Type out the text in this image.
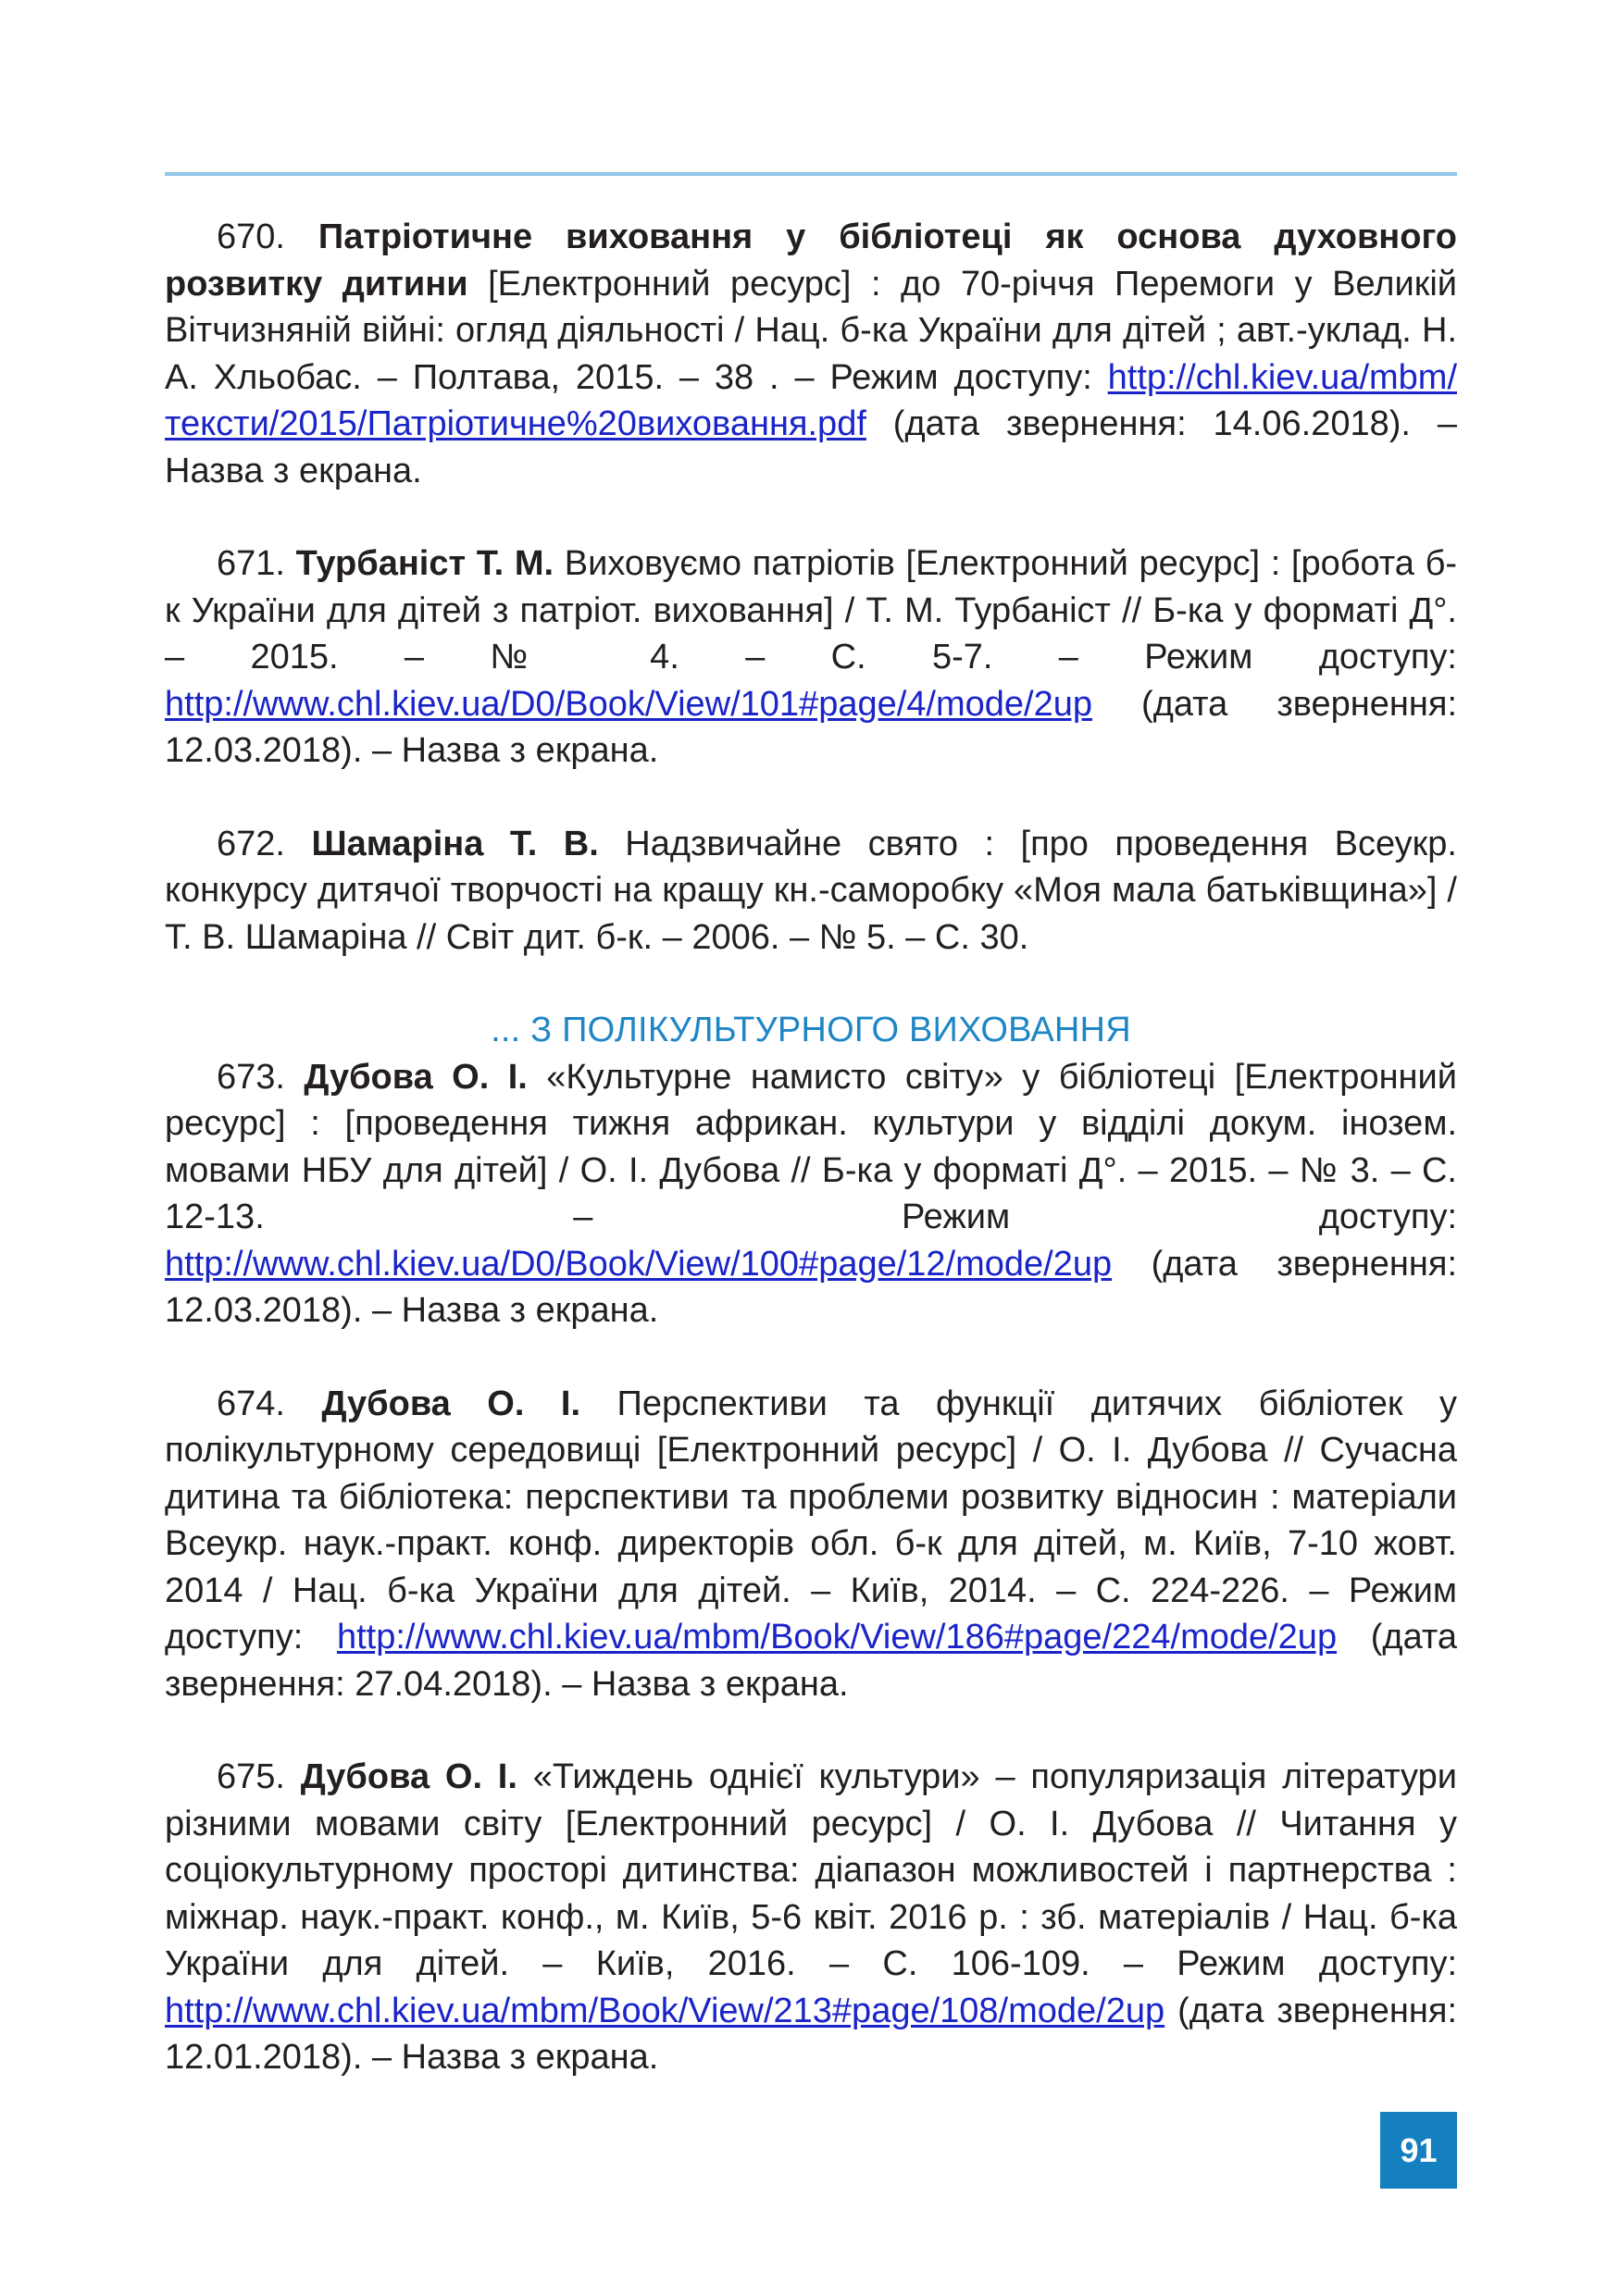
670. Патріотичне виховання у бібліотеці як основа духовного розвитку дитини [Електронний ресурс] : до 70-річчя Перемоги у Великій Вітчизняній війні: огляд діяльності / Нац. б-ка України для дітей ; авт.-уклад. Н. А. Хльобас. – Полтава, 2015. – 38 . – Режим доступу: http://chl.kiev.ua/mbm/тексти/2015/Патріотичне%20виховання.pdf (дата звернення: 14.06.2018). – Назва з екрана.

671. Турбаніст Т. М. Виховуємо патріотів [Електронний ресурс] : [робота б-к України для дітей з патріот. виховання] / Т. М. Турбаніст // Б-ка у форматі Д°. – 2015. – № 4. – С. 5-7. – Режим доступу: http://www.chl.kiev.ua/D0/Book/View/101#page/4/mode/2up (дата звернення: 12.03.2018). – Назва з екрана.

672. Шамаріна Т. В. Надзвичайне свято : [про проведення Всеукр. конкурсу дитячої творчості на кращу кн.-саморобку «Моя мала батьківщина»] / Т. В. Шамаріна // Світ дит. б-к. – 2006. – № 5. – С. 30.

... З ПОЛІКУЛЬТУРНОГО ВИХОВАННЯ

673. Дубова О. І. «Культурне намисто світу» у бібліотеці [Електронний ресурс] : [проведення тижня африкан. культури у відділі докум. інозем. мовами НБУ для дітей] / О. І. Дубова // Б-ка у форматі Д°. – 2015. – № 3. – С. 12-13. – Режим доступу: http://www.chl.kiev.ua/D0/Book/View/100#page/12/mode/2up (дата звернення: 12.03.2018). – Назва з екрана.

674. Дубова О. І. Перспективи та функції дитячих бібліотек у полікультурному середовищі [Електронний ресурс] / О. І. Дубова // Сучасна дитина та бібліотека: перспективи та проблеми розвитку відносин : матеріали Всеукр. наук.-практ. конф. директорів обл. б-к для дітей, м. Київ, 7-10 жовт. 2014 / Нац. б-ка України для дітей. – Київ, 2014. – С. 224-226. – Режим доступу: http://www.chl.kiev.ua/mbm/Book/View/186#page/224/mode/2up (дата звернення: 27.04.2018). – Назва з екрана.

675. Дубова О. І. «Тиждень однієї культури» – популяризація літератури різними мовами світу [Електронний ресурс] / О. І. Дубова // Читання у соціокультурному просторі дитинства: діапазон можливостей і партнерства : міжнар. наук.-практ. конф., м. Київ, 5-6 квіт. 2016 р. : зб. матеріалів / Нац. б-ка України для дітей. – Київ, 2016. – С. 106-109. – Режим доступу: http://www.chl.kiev.ua/mbm/Book/View/213#page/108/mode/2up (дата звернення: 12.01.2018). – Назва з екрана.

91
